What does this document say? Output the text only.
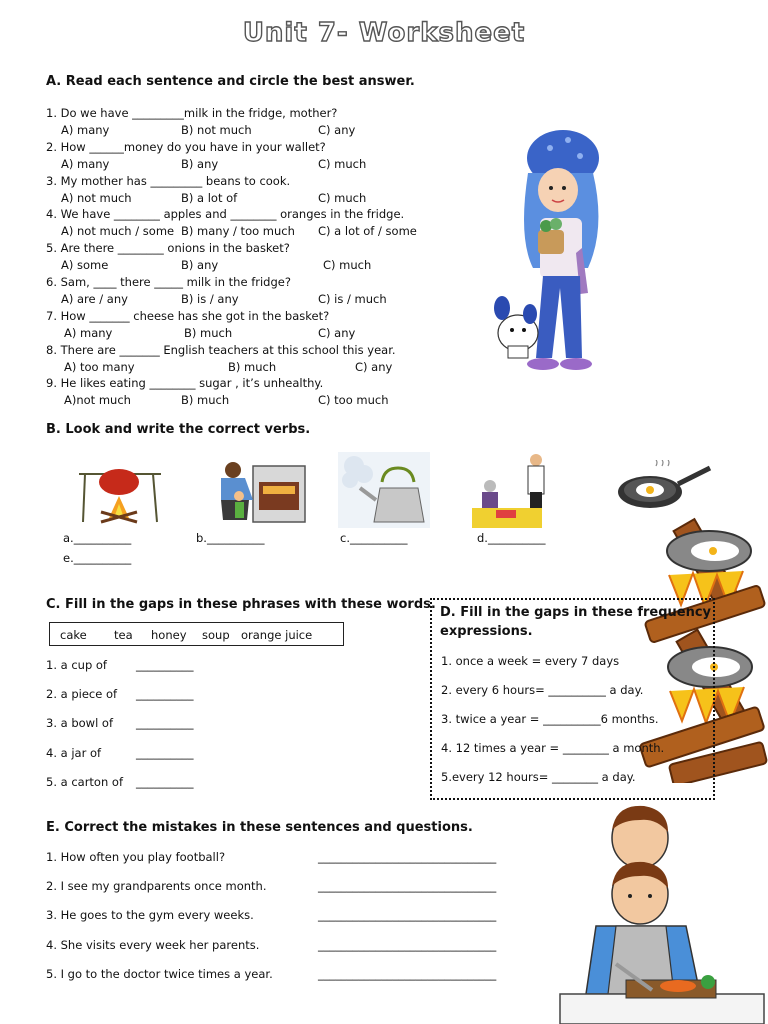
Unit 7- Worksheet
A. Read each sentence and circle the best answer.
1. Do we have _________milk in the fridge, mother?
A) many	B) not much	C) any
2. How ______money do you have in your wallet?
A) many	B) any	C) much
3. My mother has _________ beans to cook.
A) not much	B) a lot of	C) much
4. We have ________ apples and ________ oranges in the fridge.
A) not much / some B) many / too much C) a lot of / some
5. Are there ________ onions in the basket?
A) some	B) any	C) much
6. Sam, ____ there _____ milk in the fridge?
A) are / any	B) is / any	C) is / much
7. How _______ cheese has she got in the basket?
A) many	B) much	C) any
8. There are _______ English teachers at this school this year.
A) too many	B) much	C) any
9. He likes eating ________ sugar , it’s unhealthy.
A)not much	B) much	C) too much
B. Look and write the correct verbs.
a.__________	b.__________	c.__________	d.__________
e.__________
C. Fill in the gaps in these phrases with these words.
cake tea honey soup orange juice
1. a cup of	__________
2. a piece of __________
3. a bowl of __________
4. a jar of	__________
5. a carton of __________
D. Fill in the gaps in these frequency
expressions.
1. once a week = every 7 days
2. every 6 hours= __________ a day.
3. twice a year = __________6 months.
4. 12 times a year = ________ a month.
5.every 12 hours= ________ a day.
E. Correct the mistakes in these sentences and questions.
1. How often you play football?	_______________________________
2. I see my grandparents once month.	_______________________________
3. He goes to the gym every weeks.	_______________________________
4. She visits every week her parents.	_______________________________
5. I go to the doctor twice times a year.	_______________________________
